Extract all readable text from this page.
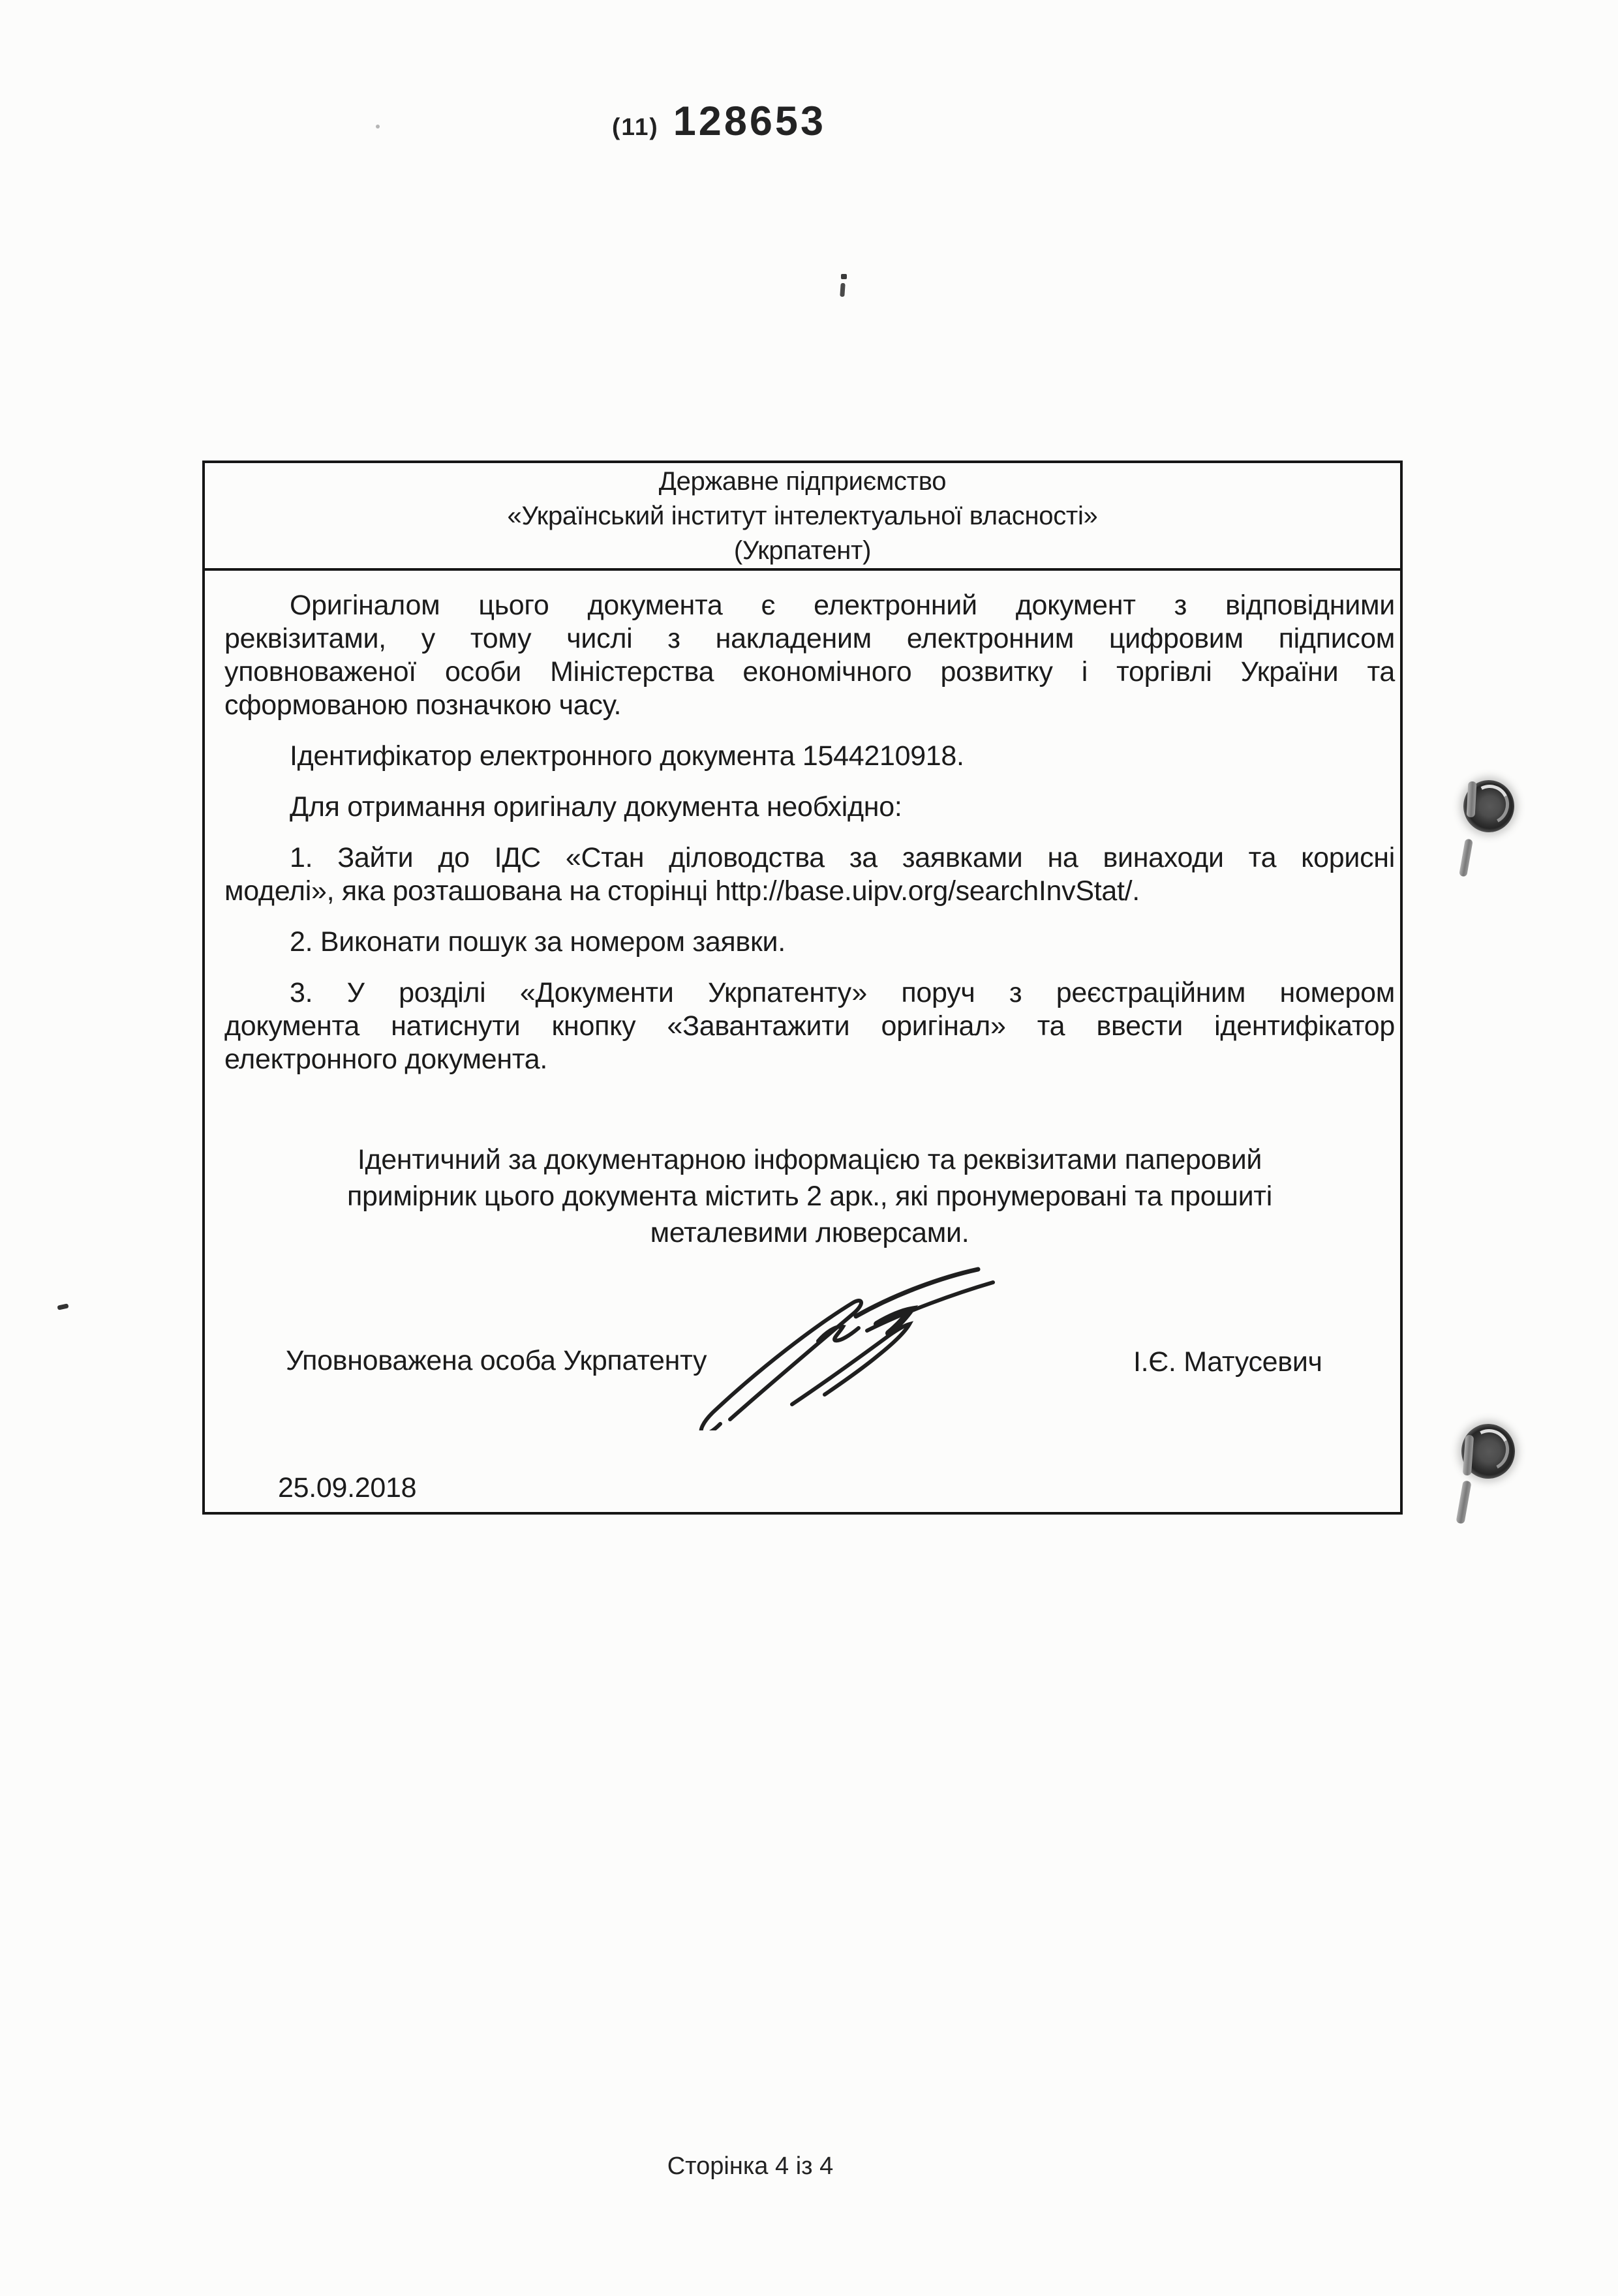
(11) 128653
Державне підприємство
«Український інститут інтелектуальної власності»
(Укрпатент)
Оригіналом цього документа є електронний документ з відповідними
реквізитами, у тому числі з накладеним електронним цифровим підписом
уповноваженої особи Міністерства економічного розвитку і торгівлі України та
сформованою позначкою часу.
Ідентифікатор електронного документа 1544210918.
Для отримання оригіналу документа необхідно:
1. Зайти до ІДС «Стан діловодства за заявками на винаходи та корисні
моделі», яка розташована на сторінці http://base.uipv.org/searchInvStat/.
2. Виконати пошук за номером заявки.
3. У розділі «Документи Укрпатенту» поруч з реєстраційним номером
документа натиснути кнопку «Завантажити оригінал» та ввести ідентифікатор
електронного документа.
Ідентичний за документарною інформацією та реквізитами паперовий
примірник цього документа містить 2 арк., які пронумеровані та прошиті
металевими люверсами.
Уповноважена особа Укрпатенту	І.Є. Матусевич
25.09.2018
Сторінка 4 із 4
